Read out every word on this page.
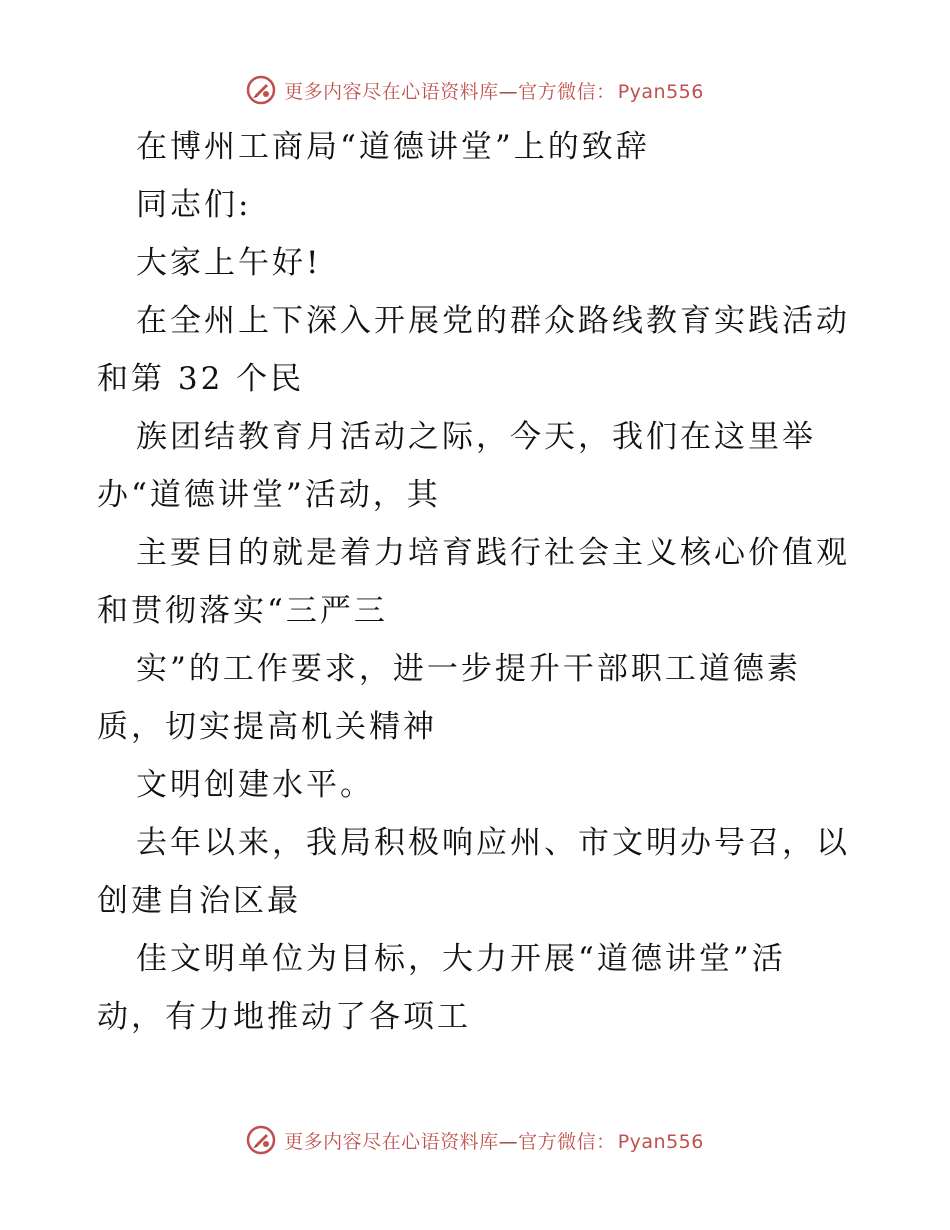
更多内容尽在心语资料库—官方微信： Pyan556
在博州工商局“道德讲堂”上的致辞
同志们:
大家上午好!
在全州上下深入开展党的群众路线教育实践活动
和第 32 个民
族团结教育月活动之际，今天，我们在这里举
办“道德讲堂”活动，其
主要目的就是着力培育践行社会主义核心价值观
和贯彻落实“三严三
实”的工作要求，进一步提升干部职工道德素
质，切实提高机关精神
文明创建水平。
去年以来，我局积极响应州、市文明办号召，以
创建自治区最
佳文明单位为目标，大力开展“道德讲堂”活
动，有力地推动了各项工
更多内容尽在心语资料库—官方微信： Pyan556
